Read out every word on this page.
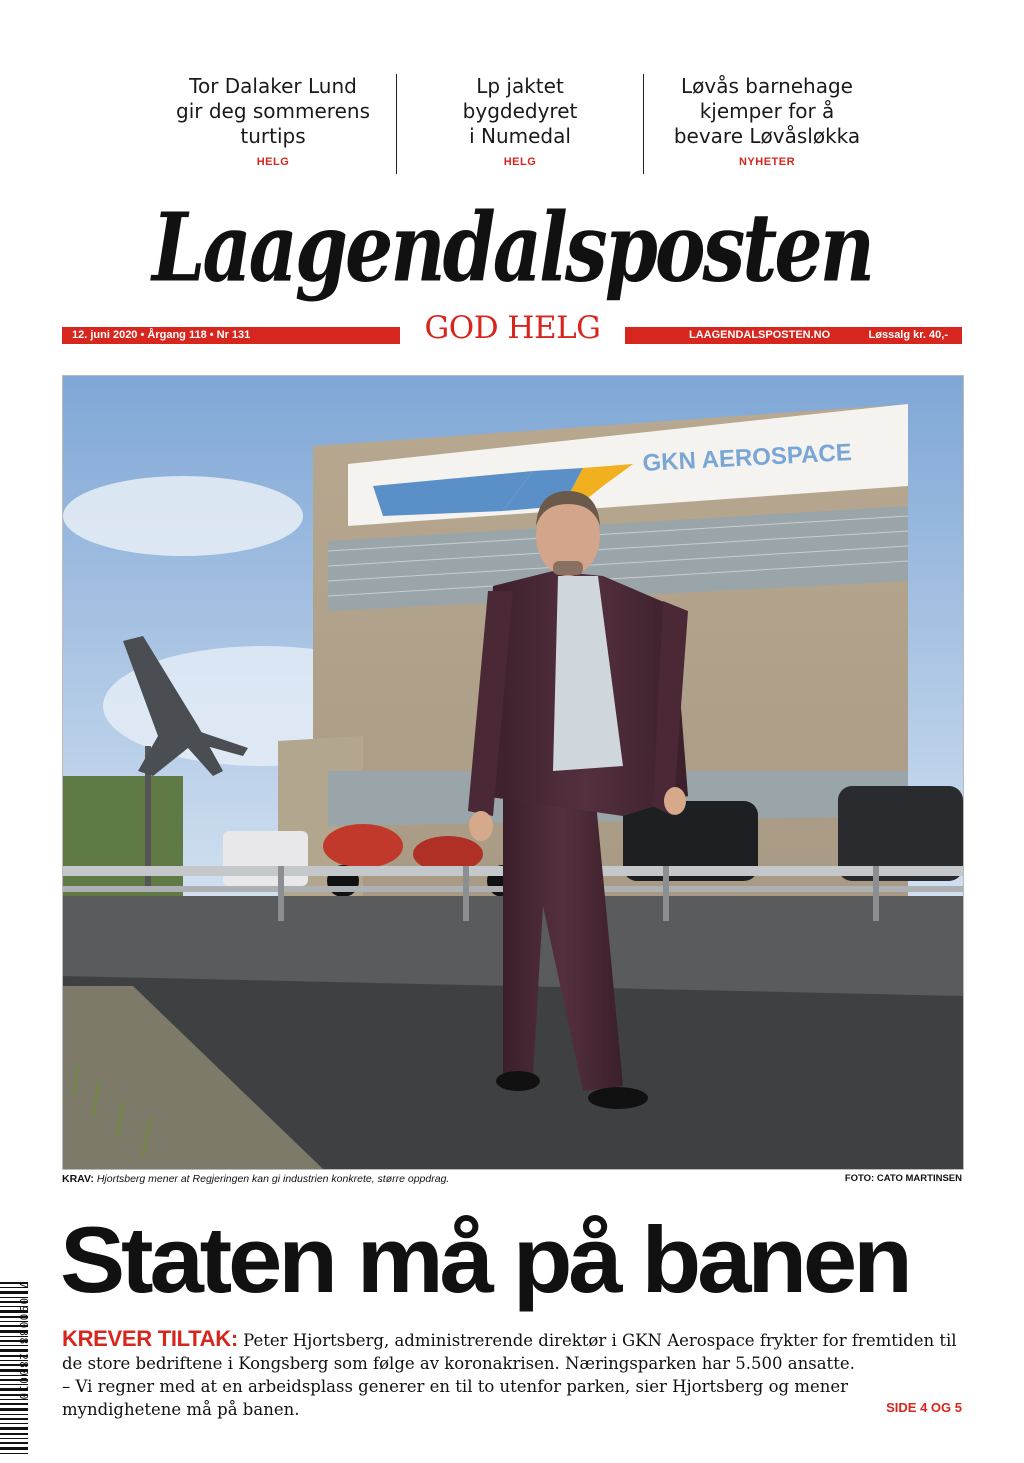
Tor Dalaker Lund
gir deg sommerens
turtips
HELG
Lp jaktet
bygdedyret
i Numedal
HELG
Løvås barnehage
kjemper for å
bevare Løvåsløkka
NYHETER
Laagendalsposten
12. juni 2020 • Årgang 118 • Nr 131	GOD HELG	LAAGENDALSPOSTEN.NO	Løssalg kr. 40,-
GKN AEROSPACE
KRAV: Hjortsberg mener at Regjeringen kan gi industrien konkrete, større oppdrag.	FOTO: CATO MARTINSEN
Staten må på banen
KREVER TILTAK: Peter Hjortsberg, administrerende direktør i GKN Aerospace frykter for fremtiden til de store bedriftene i Kongsberg som følge av koronakrisen. Næringsparken har 5.500 ansatte.
– Vi regner med at en arbeidsplass generer en til to utenfor parken, sier Hjortsberg og mener myndighetene må på banen.	SIDE 4 OG 5
7 090038 280010
